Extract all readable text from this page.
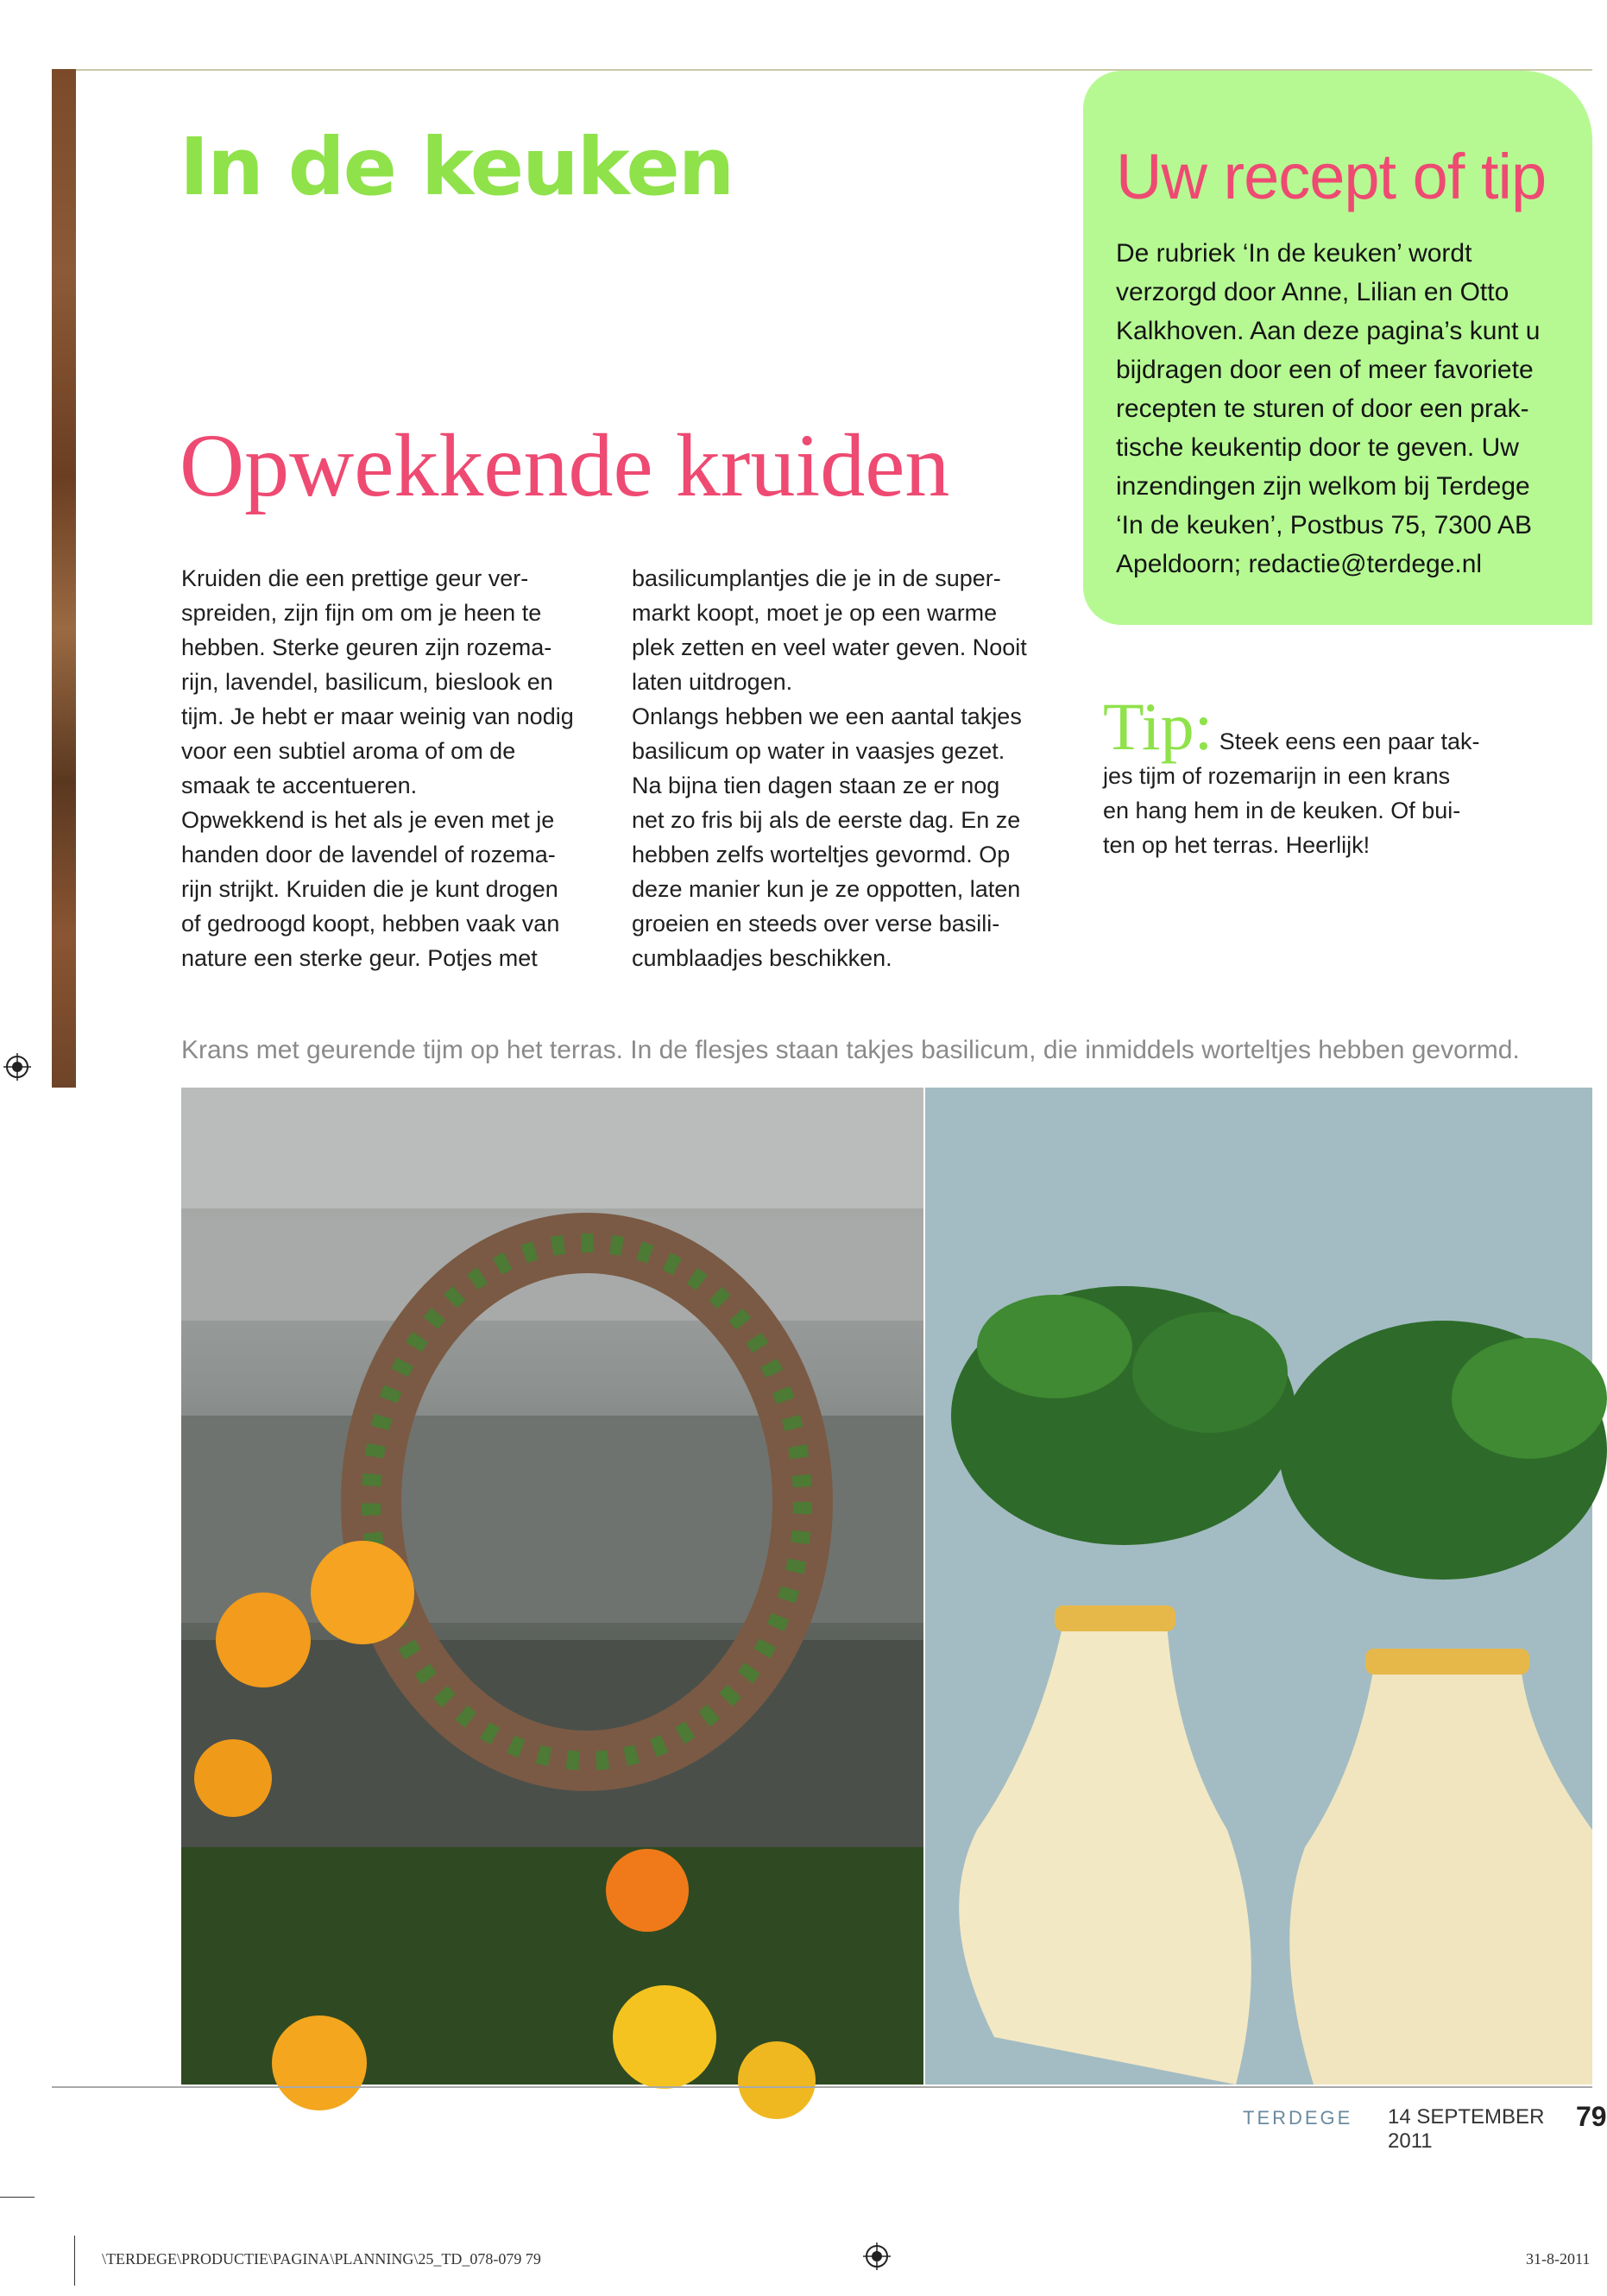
In de keuken
Opwekkende kruiden

Kruiden die een prettige geur ver-

spreiden, zijn fijn om om je heen te

hebben. Sterke geuren zijn rozema-

rijn, lavendel, basilicum, bieslook en

tijm. Je hebt er maar weinig van nodig

voor een subtiel aroma of om de

smaak te accentueren.

Opwekkend is het als je even met je

handen door de lavendel of rozema-

rijn strijkt. Kruiden die je kunt drogen

of gedroogd koopt, hebben vaak van

nature een sterke geur. Potjes met

basilicumplantjes die je in de super-

markt koopt, moet je op een warme

plek zetten en veel water geven. Nooit

laten uitdrogen.

Onlangs hebben we een aantal takjes

basilicum op water in vaasjes gezet.

Na bijna tien dagen staan ze er nog

net zo fris bij als de eerste dag. En ze

hebben zelfs worteltjes gevormd. Op

deze manier kun je ze oppotten, laten

groeien en steeds over verse basili-

cumblaadjes beschikken.

Uw recept of tip
De rubriek ‘In de keuken’ wordt
verzorgd door Anne, Lilian en Otto
Kalkhoven. Aan deze pagina’s kunt u
bijdragen door een of meer favoriete
recepten te sturen of door een prak-
tische keukentip door te geven. Uw
inzendingen zijn welkom bij Terdege
‘In de keuken’, Postbus 75, 7300 AB
Apeldoorn; redactie@terdege.nl
Tip: Steek eens een paar tak-
jes tijm of rozemarijn in een krans
en hang hem in de keuken. Of bui-
ten op het terras. Heerlijk!

Krans met geurende tijm op het terras. In de flesjes staan takjes basilicum, die inmiddels worteltjes hebben gevormd.

TERDEGE 14 SEPTEMBER 2011
79
\TERDEGE\PRODUCTIE\PAGINA\PLANNING\25_TD_078-079 79	31-8-2011
